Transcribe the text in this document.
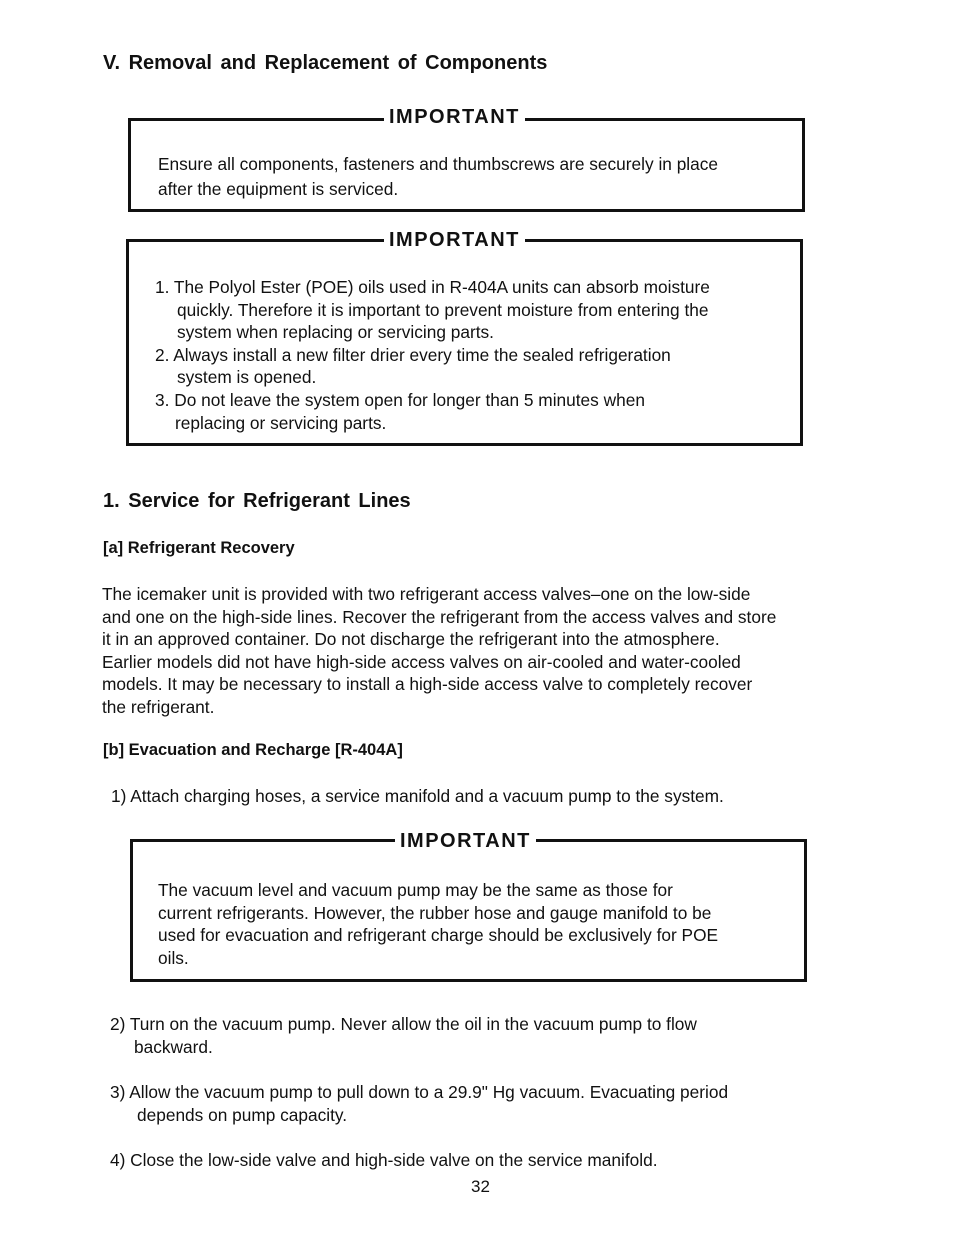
V. Removal and Replacement of Components
IMPORTANT
Ensure all components, fasteners and thumbscrews are securely in place
after the equipment is serviced.
IMPORTANT
1. The Polyol Ester (POE) oils used in R-404A units can absorb moisture
quickly. Therefore it is important to prevent moisture from entering the
system when replacing or servicing parts.
2. Always install a new filter drier every time the sealed refrigeration
system is opened.
3. Do not leave the system open for longer than 5 minutes when
replacing or servicing parts.
1. Service for Refrigerant Lines
[a] Refrigerant Recovery
The icemaker unit is provided with two refrigerant access valves–one on the low-side
and one on the high-side lines. Recover the refrigerant from the access valves and store
it in an approved container. Do not discharge the refrigerant into the atmosphere.
Earlier models did not have high-side access valves on air-cooled and water-cooled
models. It may be necessary to install a high-side access valve to completely recover
the refrigerant.
[b] Evacuation and Recharge [R-404A]
1) Attach charging hoses, a service manifold and a vacuum pump to the system.
IMPORTANT
The vacuum level and vacuum pump may be the same as those for
current refrigerants. However, the rubber hose and gauge manifold to be
used for evacuation and refrigerant charge should be exclusively for POE
oils.
2) Turn on the vacuum pump. Never allow the oil in the vacuum pump to flow
backward.
3) Allow the vacuum pump to pull down to a 29.9" Hg vacuum. Evacuating period
depends on pump capacity.
4) Close the low-side valve and high-side valve on the service manifold.
32
